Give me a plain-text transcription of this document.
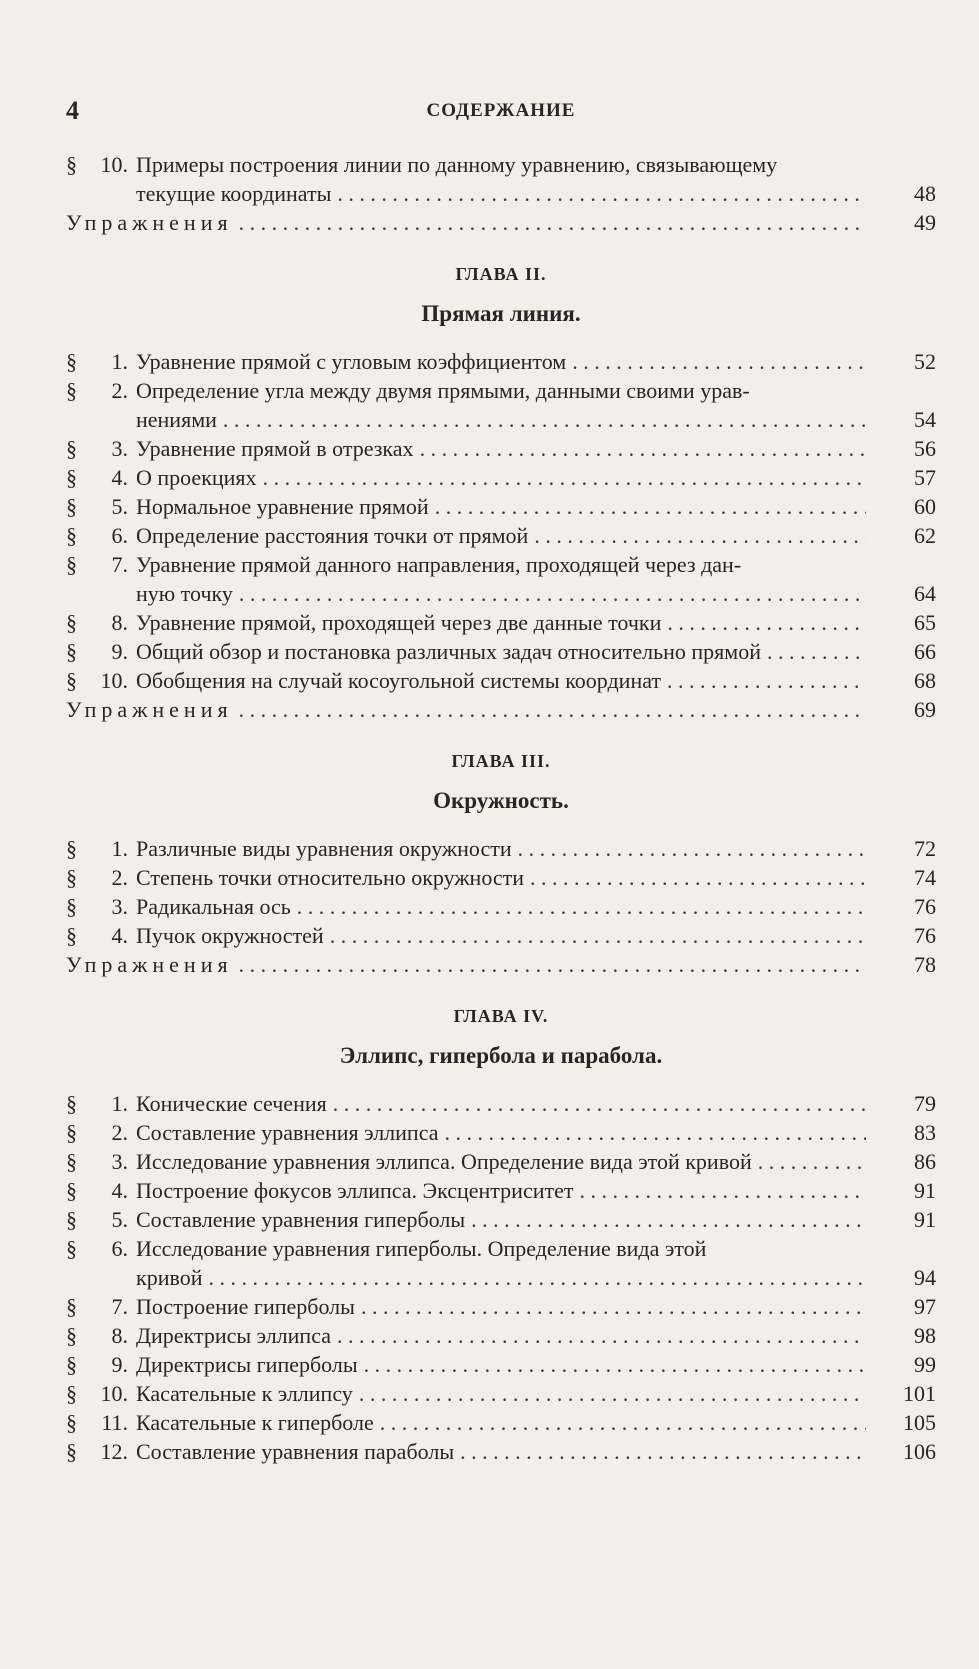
4	СОДЕРЖАНИЕ
§	10. Примеры построения линии по данному уравнению, связывающему
текущие координаты . . .	48
Упражнения . . .	49
ГЛАВА II.
Прямая линия.
§	1. Уравнение прямой с угловым коэффициентом . . .	52
§	2. Определение угла между двумя прямыми, данными своими урав-
нениями . . .	54
§	3. Уравнение прямой в отрезках . . .	56
§	4. О проекциях . . .	57
§	5. Нормальное уравнение прямой . . .	60
§	6. Определение расстояния точки от прямой . . .	62
§	7. Уравнение прямой данного направления, проходящей через дан-
ную точку . . .	64
§	8. Уравнение прямой, проходящей через две данные точки . . .	65
§	9. Общий обзор и постановка различных задач относительно прямой . . .	66
§	10. Обобщения на случай косоугольной системы координат . . .	68
Упражнения . . .	69
ГЛАВА III.
Окружность.
§	1. Различные виды уравнения окружности . . .	72
§	2. Степень точки относительно окружности . . .	74
§	3. Радикальная ось . . .	76
§	4. Пучок окружностей . . .	76
Упражнения . . .	78
ГЛАВА IV.
Эллипс, гипербола и парабола.
§	1. Конические сечения . . .	79
§	2. Составление уравнения эллипса . . .	83
§	3. Исследование уравнения эллипса. Определение вида этой кривой . . .	86
§	4. Построение фокусов эллипса. Эксцентриситет . . .	91
§	5. Составление уравнения гиперболы . . .	91
§	6. Исследование уравнения гиперболы. Определение вида этой
кривой . . .	94
§	7. Построение гиперболы . . .	97
§	8. Директрисы эллипса . . .	98
§	9. Директрисы гиперболы . . .	99
§	10. Касательные к эллипсу . . .	101
§	11. Касательные к гиперболе . . .	105
§	12. Составление уравнения параболы . . .	106
